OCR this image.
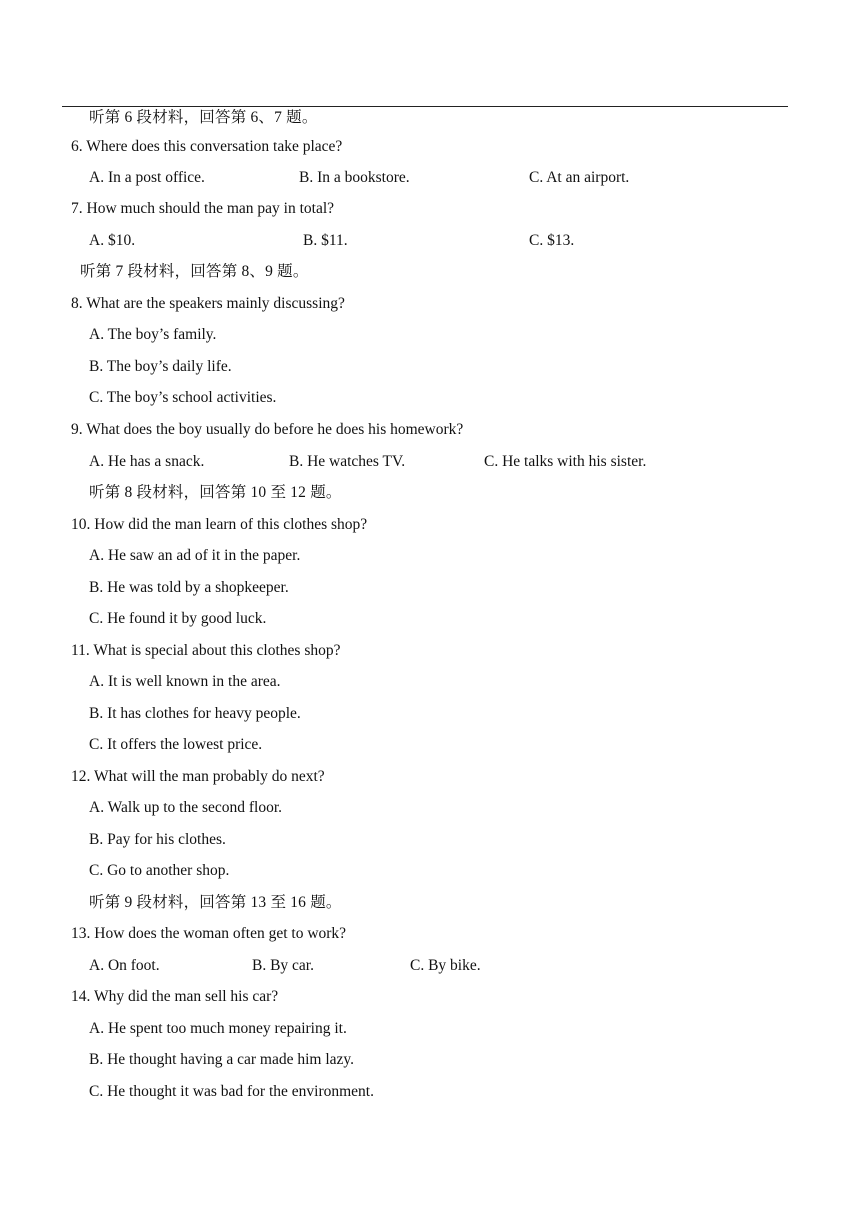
听第 6 段材料，回答第 6、7 题。
6. Where does this conversation take place?
A. In a post office.	B. In a bookstore.	C. At an airport.
7. How much should the man pay in total?
A. $10.	B. $11.	C. $13.
听第 7 段材料，回答第 8、9 题。
8. What are the speakers mainly discussing?
A. The boy’s family.
B. The boy’s daily life.
C. The boy’s school activities.
9. What does the boy usually do before he does his homework?
A. He has a snack.	B. He watches TV.	C. He talks with his sister.
听第 8 段材料，回答第 10 至 12 题。
10. How did the man learn of this clothes shop?
A. He saw an ad of it in the paper.
B. He was told by a shopkeeper.
C. He found it by good luck.
11. What is special about this clothes shop?
A. It is well known in the area.
B. It has clothes for heavy people.
C. It offers the lowest price.
12. What will the man probably do next?
A. Walk up to the second floor.
B. Pay for his clothes.
C. Go to another shop.
听第 9 段材料，回答第 13 至 16 题。
13. How does the woman often get to work?
A. On foot.	B. By car.	C. By bike.
14. Why did the man sell his car?
A. He spent too much money repairing it.
B. He thought having a car made him lazy.
C. He thought it was bad for the environment.
